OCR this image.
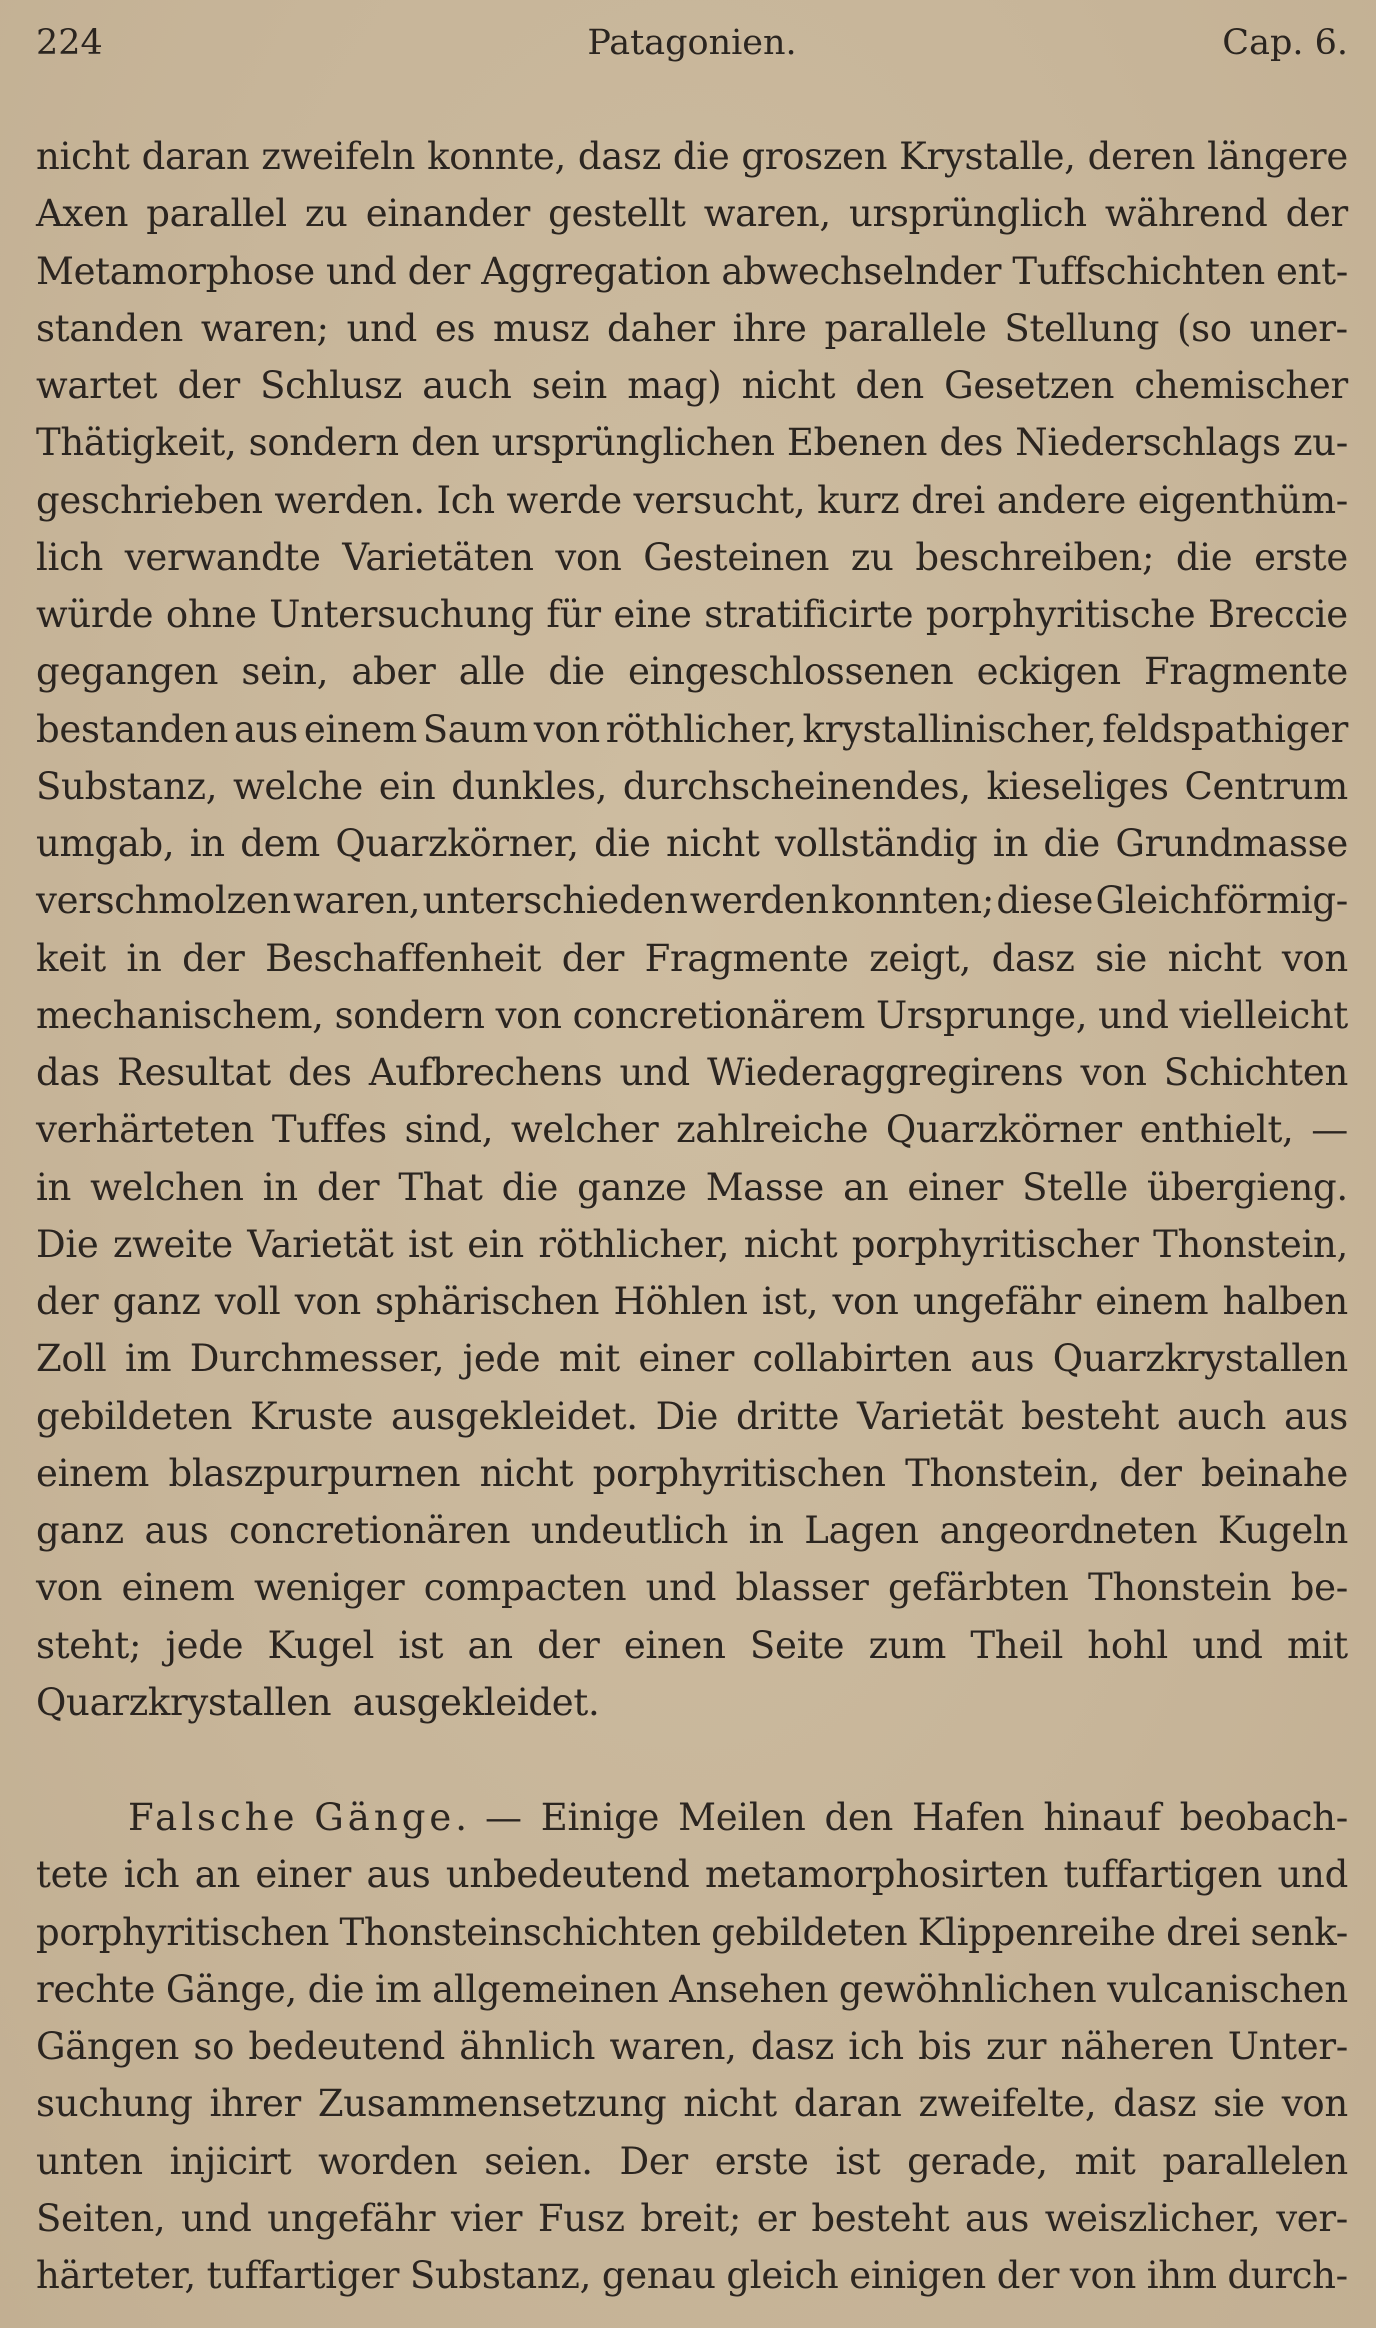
224	Patagonien.	Cap. 6.
nicht daran zweifeln konnte, dasz die groszen Krystalle, deren längere
Axen parallel zu einander gestellt waren, ursprünglich während der
Metamorphose und der Aggregation abwechselnder Tuffschichten ent-
standen waren; und es musz daher ihre parallele Stellung (so uner-
wartet der Schlusz auch sein mag) nicht den Gesetzen chemischer
Thätigkeit, sondern den ursprünglichen Ebenen des Niederschlags zu-
geschrieben werden. Ich werde versucht, kurz drei andere eigenthüm-
lich verwandte Varietäten von Gesteinen zu beschreiben; die erste
würde ohne Untersuchung für eine stratificirte porphyritische Breccie
gegangen sein, aber alle die eingeschlossenen eckigen Fragmente
bestanden aus einem Saum von röthlicher, krystallinischer, feldspathiger
Substanz, welche ein dunkles, durchscheinendes, kieseliges Centrum
umgab, in dem Quarzkörner, die nicht vollständig in die Grundmasse
verschmolzen waren, unterschieden werden konnten; diese Gleichförmig-
keit in der Beschaffenheit der Fragmente zeigt, dasz sie nicht von
mechanischem, sondern von concretionärem Ursprunge, und vielleicht
das Resultat des Aufbrechens und Wiederaggregirens von Schichten
verhärteten Tuffes sind, welcher zahlreiche Quarzkörner enthielt, —
in welchen in der That die ganze Masse an einer Stelle übergieng.
Die zweite Varietät ist ein röthlicher, nicht porphyritischer Thonstein,
der ganz voll von sphärischen Höhlen ist, von ungefähr einem halben
Zoll im Durchmesser, jede mit einer collabirten aus Quarzkrystallen
gebildeten Kruste ausgekleidet. Die dritte Varietät besteht auch aus
einem blaszpurpurnen nicht porphyritischen Thonstein, der beinahe
ganz aus concretionären undeutlich in Lagen angeordneten Kugeln
von einem weniger compacten und blasser gefärbten Thonstein be-
steht; jede Kugel ist an der einen Seite zum Theil hohl und mit
Quarzkrystallen ausgekleidet.
Falsche Gänge. — Einige Meilen den Hafen hinauf beobach-
tete ich an einer aus unbedeutend metamorphosirten tuffartigen und
porphyritischen Thonsteinschichten gebildeten Klippenreihe drei senk-
rechte Gänge, die im allgemeinen Ansehen gewöhnlichen vulcanischen
Gängen so bedeutend ähnlich waren, dasz ich bis zur näheren Unter-
suchung ihrer Zusammensetzung nicht daran zweifelte, dasz sie von
unten injicirt worden seien. Der erste ist gerade, mit parallelen
Seiten, und ungefähr vier Fusz breit; er besteht aus weiszlicher, ver-
härteter, tuffartiger Substanz, genau gleich einigen der von ihm durch-
